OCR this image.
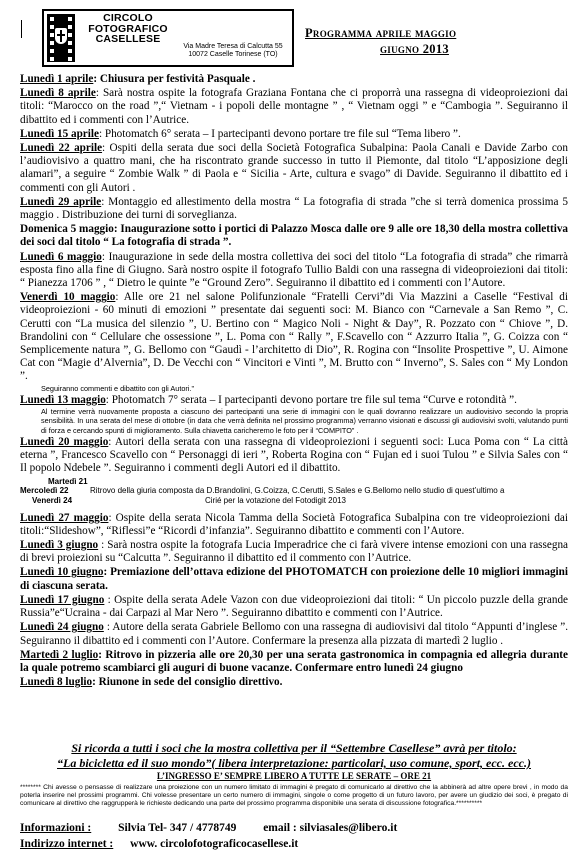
CIRCOLO
FOTOGRAFICO
CASELLESE
Via Madre Teresa di Calcutta 55
10072 Caselle Torinese (TO)
Programma aprile maggio
giugno 2013
Lunedì 1 aprile: Chiusura per festività Pasquale .
Lunedì 8 aprile: Sarà nostra ospite la fotografa Graziana Fontana che ci proporrà una rassegna di videoproiezioni dai titoli: “Marocco on the road ”,“ Vietnam - i popoli delle montagne ” , “ Vietnam oggi ” e “Cambogia ”. Seguiranno il dibattito ed i commenti con l’Autrice.
Lunedì 15 aprile: Photomatch 6° serata – I partecipanti devono portare tre file sul “Tema libero ”.
Lunedì 22 aprile: Ospiti della serata due soci della Società Fotografica Subalpina: Paola Canali e Davide Zarbo con l’audiovisivo a quattro mani, che ha riscontrato grande successo in tutto il Piemonte, dal titolo “L’apposizione degli alamari”, a seguire “ Zombie Walk ” di Paola e “ Sicilia - Arte, cultura e svago” di Davide. Seguiranno il dibattito ed i commenti con gli Autori .
Lunedì 29 aprile: Montaggio ed allestimento della mostra “ La fotografia di strada ”che si terrà domenica prossima 5 maggio . Distribuzione dei turni di sorveglianza.
Domenica 5 maggio: Inaugurazione sotto i portici di Palazzo Mosca dalle ore 9 alle ore 18,30 della mostra collettiva dei soci dal titolo “ La fotografia di strada ”.
Lunedì 6 maggio: Inaugurazione in sede della mostra collettiva dei soci del titolo “La fotografia di strada” che rimarrà esposta fino alla fine di Giugno. Sarà nostro ospite il fotografo Tullio Baldi con una rassegna di videoproiezioni dai titoli: “ Pianezza 1706 ” , “ Dietro le quinte ”e “Ground Zero”. Seguiranno il dibattito ed i commenti con l’Autore.
Venerdì 10 maggio: Alle ore 21 nel salone Polifunzionale “Fratelli Cervi”di Via Mazzini a Caselle “Festival di videoproiezioni - 60 minuti di emozioni ” presentate dai seguenti soci: M. Bianco con “Carnevale a San Remo ”, C. Cerutti con “La musica del silenzio ”, U. Bertino con “ Magico Noli - Night & Day”, R. Pozzato con “ Chiove ”, D. Brandolini con “ Cellulare che ossessione ”, L. Poma con “ Rally ”, F.Scavello con “ Azzurro Italia ”, G. Coizza con “ Semplicemente natura ”, G. Bellomo con “Gaudì - l’architetto di Dio”, R. Rogina con “Insolite Prospettive ”, U. Aimone Cat con “Magie d’Alvernia”, D. De Vecchi con “ Vincitori e Vinti ”, M. Brutto con “ Inverno”, S. Sales con “ My London ”.
Seguiranno commenti e dibattito con gli Autori.”
Lunedì 13 maggio: Photomatch 7° serata – I partecipanti devono portare tre file sul tema “Curve e rotondità ”.
Al termine verrà nuovamente proposta a ciascuno dei partecipanti una serie di immagini con le quali dovranno realizzare un audiovisivo secondo la propria sensibilità. In una serata del mese di ottobre (in data che verrà definita nel prossimo programma) verranno visionati e discussi gli audiovisivi svolti, valutando punti di forza e cercando spunti di miglioramento. Sulla chiavetta caricheremo le foto per il “COMPITO” .
Lunedì 20 maggio: Autori della serata con una rassegna di videoproiezioni i seguenti soci: Luca Poma con “ La città eterna ”, Francesco Scavello con “ Personaggi di ieri ”, Roberta Rogina con “ Fujan ed i suoi Tulou ” e Silvia Sales con “ Il popolo Ndebele ”. Seguiranno i commenti degli Autori ed il dibattito.
Martedì 21
Mercoledì 22
Venerdì 24
Ritrovo della giuria composta da D.Brandolini, G.Coizza, C.Cerutti, S.Sales e G.Bellomo nello studio di quest’ultimo a
Cirié per la votazione del Fotodigit 2013
Lunedì 27 maggio: Ospite della serata Nicola Tamma della Società Fotografica Subalpina con tre videoproiezioni dai titoli:“Slideshow”, “Riflessi”e “Ricordi d’infanzia”. Seguiranno dibattito e commenti con l’Autore.
Lunedì 3 giugno : Sarà nostra ospite la fotografa Lucia Imperadrice che ci farà vivere intense emozioni con una rassegna di brevi proiezioni su “Calcutta ”. Seguiranno il dibattito ed il commento con l’Autrice.
Lunedì 10 giugno: Premiazione dell’ottava edizione del PHOTOMATCH con proiezione delle 10 migliori immagini di ciascuna serata.
Lunedì 17 giugno : Ospite della serata Adele Vazon con due videoproiezioni dai titoli: “ Un piccolo puzzle della grande Russia”e“Ucraina - dai Carpazi al Mar Nero ”. Seguiranno dibattito e commenti con l’Autrice.
Lunedì 24 giugno : Autore della serata Gabriele Bellomo con una rassegna di audiovisivi dal titolo “Appunti d’inglese ”. Seguiranno il dibattito ed i commenti con l’Autore. Confermare la presenza alla pizzata di martedì 2 luglio .
Martedì 2 luglio: Ritrovo in pizzeria alle ore 20,30 per una serata gastronomica in compagnia ed allegria durante la quale potremo scambiarci gli auguri di buone vacanze. Confermare entro lunedì 24 giugno
Lunedì 8 luglio: Riunone in sede del consiglio direttivo.
Si ricorda a tutti i soci che la mostra collettiva per il “Settembre Casellese” avrà per titolo:
“La bicicletta ed il suo mondo”( libera interpretazione: particolari, uso comune, sport, ecc. ecc.)
L’INGRESSO E’ SEMPRE LIBERO A TUTTE LE SERATE – ORE 21
******** Chi avesse o pensasse di realizzare una proiezione con un numero limitato di immagini è pregato di comunicarlo al direttivo che la abbinerà ad altre opere brevi , in modo da poterla inserire nel prossimi programmi. Chi volesse presentare un certo numero di immagini, singole o come progetto di un futuro lavoro, per avere un giudizio dei soci, è pregato di comunicare al direttivo che raggrupperà le richieste dedicando una parte del prossimo programma disponibile una serata di discussione fotografica.**********
Informazioni : Silvia Tel- 347 / 4778749 email : silviasales@libero.it
Indirizzo internet : www. circolofotograficocasellese.it
